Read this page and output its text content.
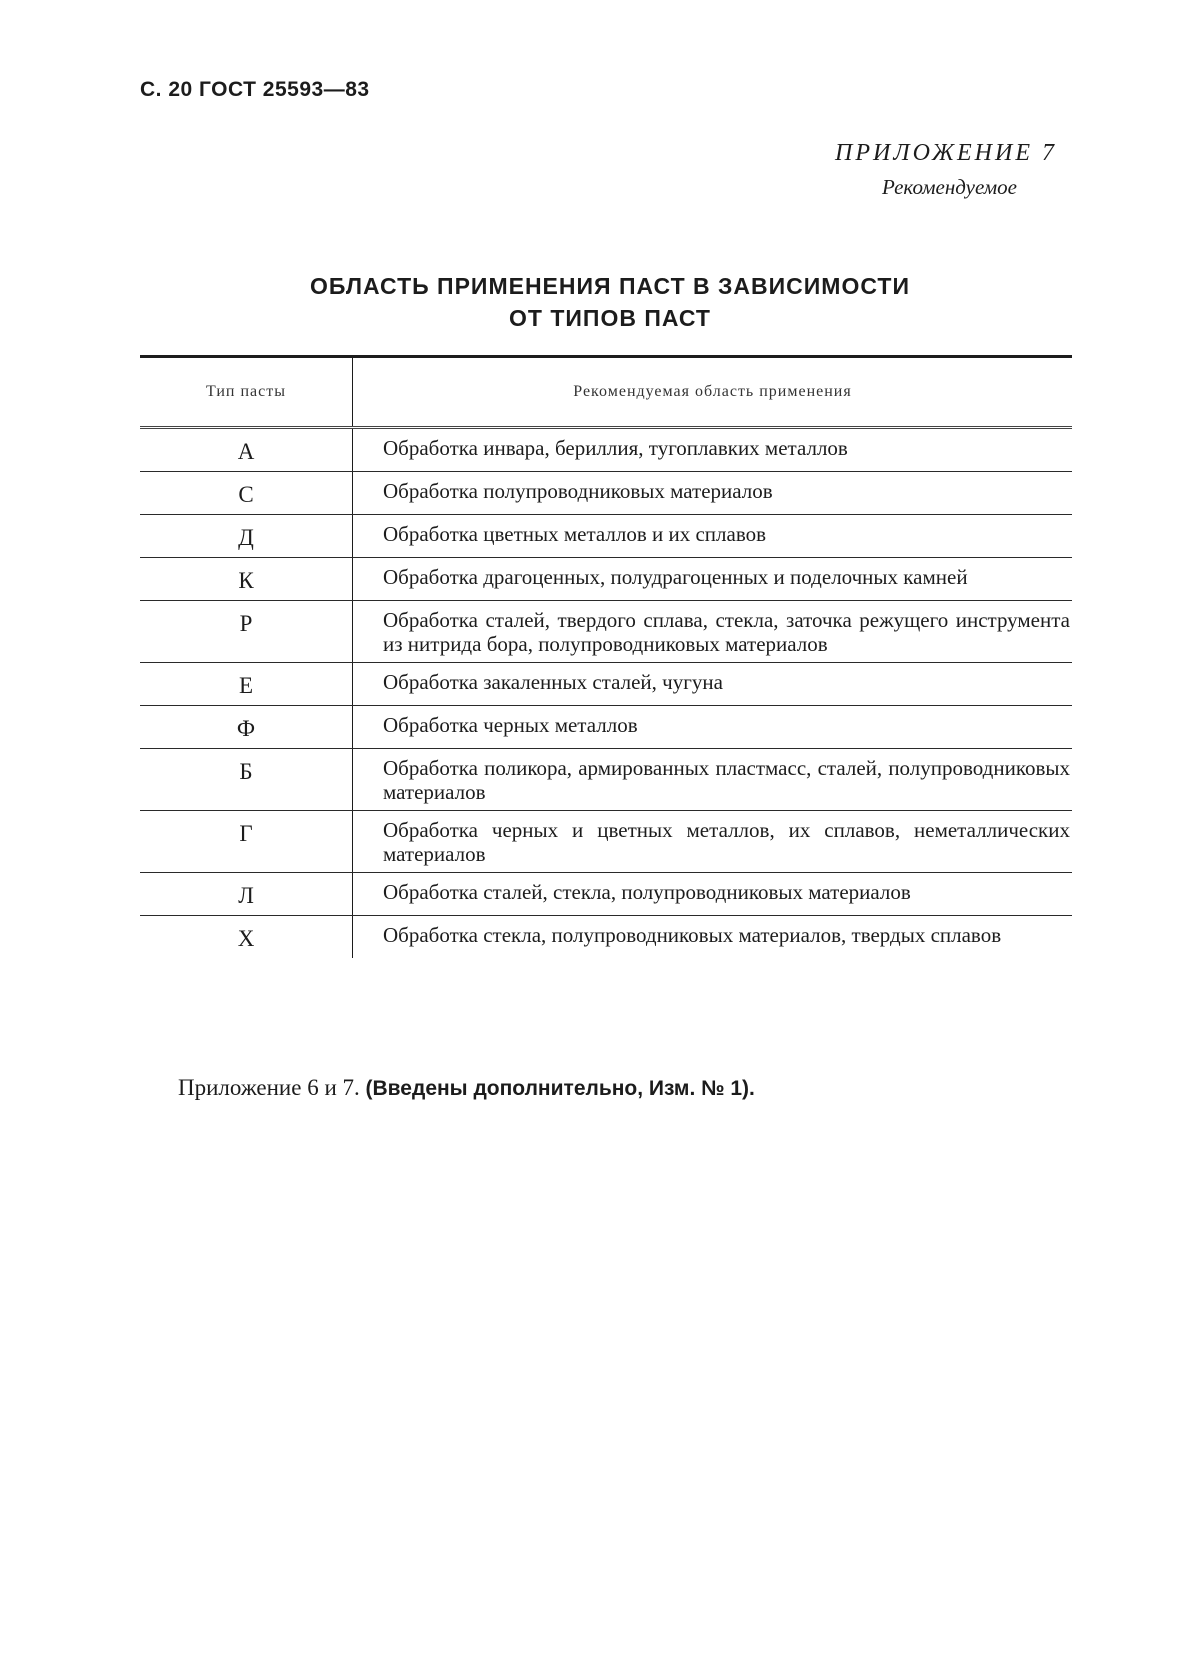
С. 20 ГОСТ 25593—83
ПРИЛОЖЕНИЕ 7
Рекомендуемое
ОБЛАСТЬ ПРИМЕНЕНИЯ ПАСТ В ЗАВИСИМОСТИ
ОТ ТИПОВ ПАСТ
Тип пасты	Рекомендуемая область применения
А	Обработка инвара, бериллия, тугоплавких металлов
С	Обработка полупроводниковых материалов
Д	Обработка цветных металлов и их сплавов
К	Обработка драгоценных, полудрагоценных и поделочных камней
Р	Обработка сталей, твердого сплава, стекла, заточка режущего инструмента из нитрида бора, полупроводниковых материалов
Е	Обработка закаленных сталей, чугуна
Ф	Обработка черных металлов
Б	Обработка поликора, армированных пластмасс, сталей, полупроводниковых материалов
Г	Обработка черных и цветных металлов, их сплавов, неметаллических материалов
Л	Обработка сталей, стекла, полупроводниковых материалов
Х	Обработка стекла, полупроводниковых материалов, твердых сплавов
Приложение 6 и 7. (Введены дополнительно, Изм. № 1).
